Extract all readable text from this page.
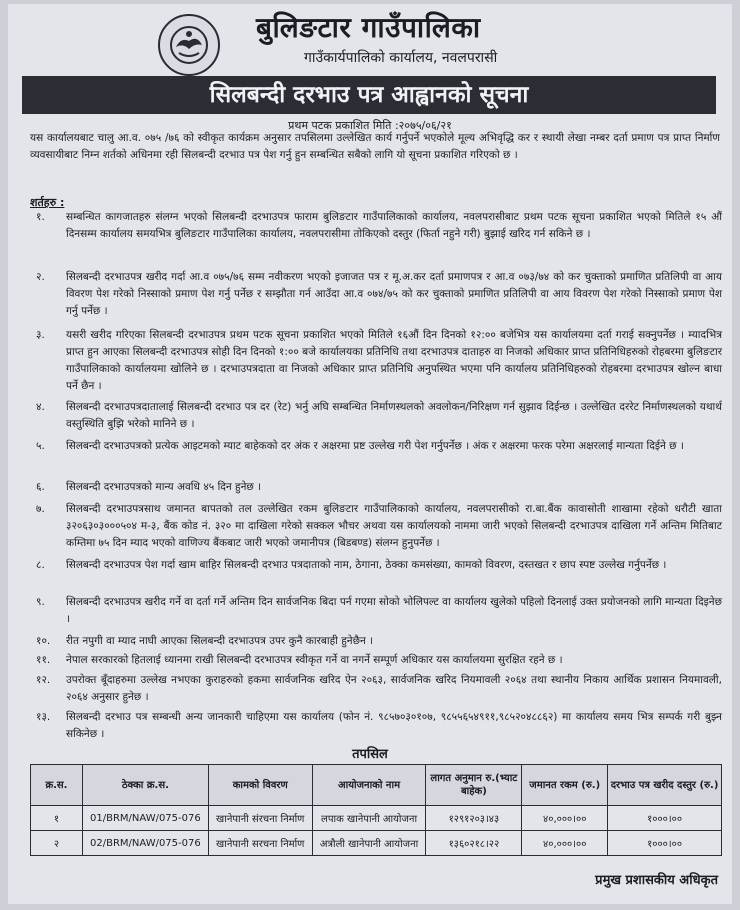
बुलिङटार गाउँपालिका
गाउँकार्यपालिको कार्यालय, नवलपरासी
सिलबन्दी दरभाउ पत्र आह्वानको सूचना
प्रथम पटक प्रकाशित मिति :२०७५/०६/२१
यस कार्यालयबाट चालु आ.व. ०७५ /७६ को स्वीकृत कार्यक्रम अनुसार तपसिलमा उल्लेखित कार्य गर्नुपर्ने भएकोले मूल्य अभिवृद्धि कर र स्थायी लेखा नम्बर दर्ता प्रमाण पत्र प्राप्त निर्माण व्यवसायीबाट निम्न शर्तको अधिनमा रही सिलबन्दी दरभाउ पत्र पेश गर्नु हुन सम्बन्धित सबैको लागि यो सूचना प्रकाशित गरिएको छ ।
शर्तहरु :
१.	सम्बन्धित कागजातहरु संलग्न भएको सिलबन्दी दरभाउपत्र फाराम बुलिङटार गाउँपालिकाको कार्यालय, नवलपरासीबाट प्रथम पटक सूचना प्रकाशित भएको मितिले १५ औं दिनसम्म कार्यालय समयभित्र बुलिङटार गाउँपालिका कार्यालय, नवलपरासीमा तोकिएको दस्तुर (फिर्ता नहुने गरी) बुझाई खरिद गर्न सकिने छ ।
२.	सिलबन्दी दरभाउपत्र खरीद गर्दा आ.व ०७५/७६ सम्म नवीकरण भएको इजाजत पत्र र मू.अ.कर दर्ता प्रमाणपत्र र आ.व ०७३/७४ को कर चुक्ताको प्रमाणित प्रतिलिपी वा आय विवरण पेश गरेको निस्साको प्रमाण पेश गर्नु पर्नेछ र सम्झौता गर्न आउँदा आ.व ०७४/७५ को कर चुक्ताको प्रमाणित प्रतिलिपी वा आय विवरण पेश गरेको निस्साको प्रमाण पेश गर्नु पर्नेछ ।
३.	यसरी खरीद गरिएका सिलबन्दी दरभाउपत्र प्रथम पटक सूचना प्रकाशित भएको मितिले १६औं दिन दिनको १२:०० बजेभित्र यस कार्यालयमा दर्ता गराई सक्नुपर्नेछ । म्यादभित्र प्राप्त हुन आएका सिलबन्दी दरभाउपत्र सोही दिन दिनको १:०० बजे कार्यालयका प्रतिनिधि तथा दरभाउपत्र दाताहरु वा निजको अधिकार प्राप्त प्रतिनिधिहरुको रोहबरमा बुलिङटार गाउँपालिकाको कार्यालयमा खोलिने छ । दरभाउपत्रदाता वा निजको अधिकार प्राप्त प्रतिनिधि अनुपस्थित भएमा पनि कार्यालय प्रतिनिधिहरुको रोहबरमा दरभाउपत्र खोल्न बाधा पर्ने छैन ।
४.	सिलबन्दी दरभाउपत्रदातालाई सिलबन्दी दरभाउ पत्र दर (रेट) भर्नु अघि सम्बन्धित निर्माणस्थलको अवलोकन/निरिक्षण गर्न सुझाव दिईन्छ । उल्लेखित दररेट निर्माणस्थलको यथार्थ वस्तुस्थिति बुझि भरेको मानिने छ ।
५.	सिलबन्दी दरभाउपत्रको प्रत्येक आइटमको म्याट बाहेकको दर अंक र अक्षरमा प्रष्ट उल्लेख गरी पेश गर्नुपर्नेछ । अंक र अक्षरमा फरक परेमा अक्षरलाई मान्यता दिईने छ ।
६.	सिलबन्दी दरभाउपत्रको मान्य अवधि ४५ दिन हुनेछ ।
७.	सिलबन्दी दरभाउपत्रसाथ जमानत बापतको तल उल्लेखित रकम बुलिङटार गाउँपालिकाको कार्यालय, नवलपरासीको रा.बा.बैंक कावासोती शाखामा रहेको धरौटी खाता ३२०६३०३०००५०४ म-३, बैंक कोड नं. ३२० मा दाखिला गरेको सक्कल भौचर अथवा यस कार्यालयको नाममा जारी भएको सिलबन्दी दरभाउपत्र दाखिला गर्ने अन्तिम मितिबाट कम्तिमा ७५ दिन म्याद भएको वाणिज्य बैंकबाट जारी भएको जमानीपत्र (बिडबण्ड) संलग्न हुनुपर्नेछ ।
८.	सिलबन्दी दरभाउपत्र पेश गर्दा खाम बाहिर सिलबन्दी दरभाउ पत्रदाताको नाम, ठेगाना, ठेक्का कमसंख्या, कामको विवरण, दस्तखत र छाप स्पष्ट उल्लेख गर्नुपर्नेछ ।
९.	सिलबन्दी दरभाउपत्र खरीद गर्ने वा दर्ता गर्ने अन्तिम दिन सार्वजनिक बिदा पर्न गएमा सोको भोलिपल्ट वा कार्यालय खुलेको पहिलो दिनलाई उक्त प्रयोजनको लागि मान्यता दिइनेछ ।
१०.	रीत नपुगी वा म्याद नाघी आएका सिलबन्दी दरभाउपत्र उपर कुनै कारबाही हुनेछैन ।
११.	नेपाल सरकारको हितलाई ध्यानमा राखी सिलबन्दी दरभाउपत्र स्वीकृत गर्ने वा नगर्ने सम्पूर्ण अधिकार यस कार्यालयमा सुरक्षित रहने छ ।
१२.	उपरोक्त बूँदाहरुमा उल्लेख नभएका कुराहरुको हकमा सार्वजनिक खरिद ऐन २०६३, सार्वजनिक खरिद नियमावली २०६४ तथा स्थानीय निकाय आर्थिक प्रशासन नियमावली, २०६४ अनुसार हुनेछ ।
१३.	सिलबन्दी दरभाउ पत्र सम्बन्धी अन्य जानकारी चाहिएमा यस कार्यालय (फोन नं. ९८५७०३०१०७, ९८५५६५४९११,९८५२०४८८६२) मा कार्यालय समय भित्र सम्पर्क गरी बुझ्न सकिनेछ ।
तपसिल
क्र.स.	ठेक्का क्र.स.	कामको विवरण	आयोजनाको नाम	लागत अनुमान रु.(भ्याट बाहेक)	जमानत रकम (रु.)	दरभाउ पत्र खरीद दस्तुर (रु.)
१	01/BRM/NAW/075-076	खानेपानी संरचना निर्माण	लपाक खानेपानी आयोजना	१२९१२०३।४३	४०,०००।००	१०००।००
२	02/BRM/NAW/075-076	खानेपानी सरचना निर्माण	अत्रौली खानेपानी आयोजना	१३६०२१८।२२	४०,०००।००	१०००।००
प्रमुख प्रशासकीय अधिकृत
